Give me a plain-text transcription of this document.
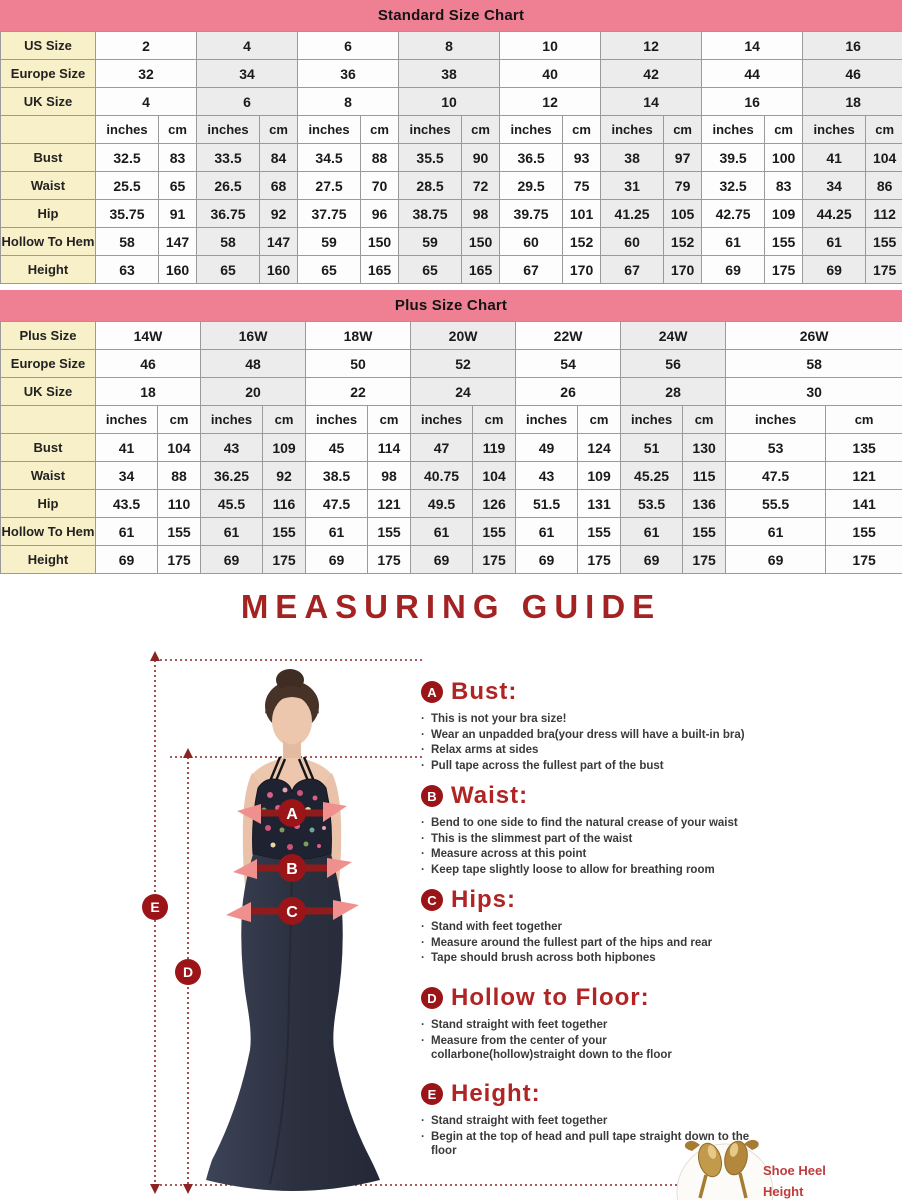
Standard Size Chart
US Size	2		4		6		8		10		12		14		16	
Europe Size	32		34		36		38		40		42		44		46	
UK Size	4		6		8		10		12		14		16		18	
	inches	cm	inches	cm	inches	cm	inches	cm	inches	cm	inches	cm	inches	cm	inches	cm
Bust	32.5	83	33.5	84	34.5	88	35.5	90	36.5	93	38	97	39.5	100	41	104
Waist	25.5	65	26.5	68	27.5	70	28.5	72	29.5	75	31	79	32.5	83	34	86
Hip	35.75	91	36.75	92	37.75	96	38.75	98	39.75	101	41.25	105	42.75	109	44.25	112
Hollow To Hem	58	147	58	147	59	150	59	150	60	152	60	152	61	155	61	155
Height	63	160	65	160	65	165	65	165	67	170	67	170	69	175	69	175
Plus Size Chart
Plus Size	14W		16W		18W		20W		22W		24W		26W	
Europe Size	46		48		50		52		54		56		58	
UK Size	18		20		22		24		26		28		30	
	inches	cm	inches	cm	inches	cm	inches	cm	inches	cm	inches	cm	inches	cm
Bust	41	104	43	109	45	114	47	119	49	124	51	130	53	135
Waist	34	88	36.25	92	38.5	98	40.75	104	43	109	45.25	115	47.5	121
Hip	43.5	110	45.5	116	47.5	121	49.5	126	51.5	131	53.5	136	55.5	141
Hollow To Hem	61	155	61	155	61	155	61	155	61	155	61	155	61	155
Height	69	175	69	175	69	175	69	175	69	175	69	175	69	175
MEASURING GUIDE
A
B
C
E
D
A Bust:
· This is not your bra size!
· Wear an unpadded bra(your dress will have a built-in bra)
· Relax arms at sides
· Pull tape across the fullest part of the bust
B Waist:
· Bend to one side to find the natural crease of your waist
· This is the slimmest part of the waist
· Measure across at this point
· Keep tape slightly loose to allow for breathing room
C Hips:
· Stand with feet together
· Measure around the fullest part of the hips and rear
· Tape should brush across both hipbones
D Hollow to Floor:
· Stand straight with feet together
· Measure from the center of your collarbone(hollow)straight down to the floor
E Height:
· Stand straight with feet together
· Begin at the top of head and pull tape straight down to the floor
Shoe Heel
Height
